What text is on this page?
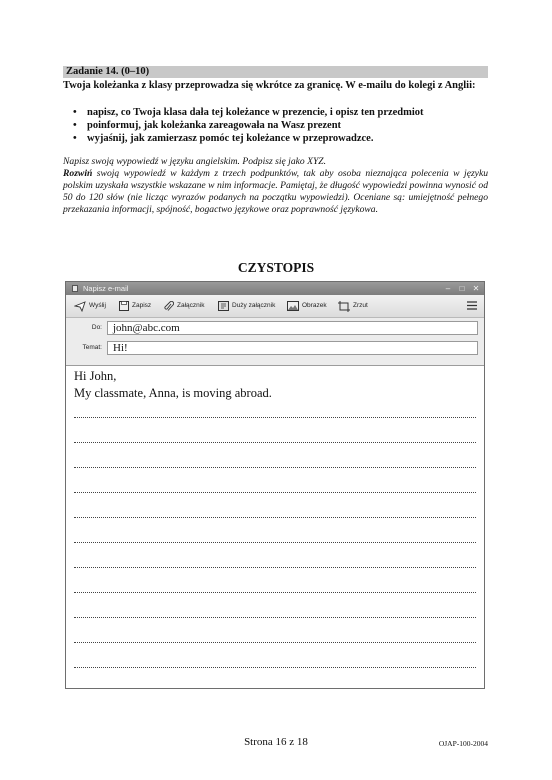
Zadanie 14. (0–10)
Twoja koleżanka z klasy przeprowadza się wkrótce za granicę. W e-mailu do kolegi z Anglii:
• napisz, co Twoja klasa dała tej koleżance w prezencie, i opisz ten przedmiot
• poinformuj, jak koleżanka zareagowała na Wasz prezent
• wyjaśnij, jak zamierzasz pomóc tej koleżance w przeprowadzce.

Napisz swoją wypowiedź w języku angielskim. Podpisz się jako XYZ.

Rozwiń swoją wypowiedź w każdym z trzech podpunktów, tak aby osoba nieznająca polecenia w języku polskim uzyskała wszystkie wskazane w nim informacje. Pamiętaj, że długość wypowiedzi powinna wynosić od 50 do 120 słów (nie licząc wyrazów podanych na początku wypowiedzi). Oceniane są: umiejętność pełnego przekazania informacji, spójność, bogactwo językowe oraz poprawność językowa.

CZYSTOPIS
Napisz e-mail	–	□	✕
Wyślij	Zapisz	Załącznik	Duży załącznik	Obrazek	Zrzut
Do:	john@abc.com
Temat:	Hi!
Hi John,
My classmate, Anna, is moving abroad.
Strona 16 z 18	OJAP-100-2004
